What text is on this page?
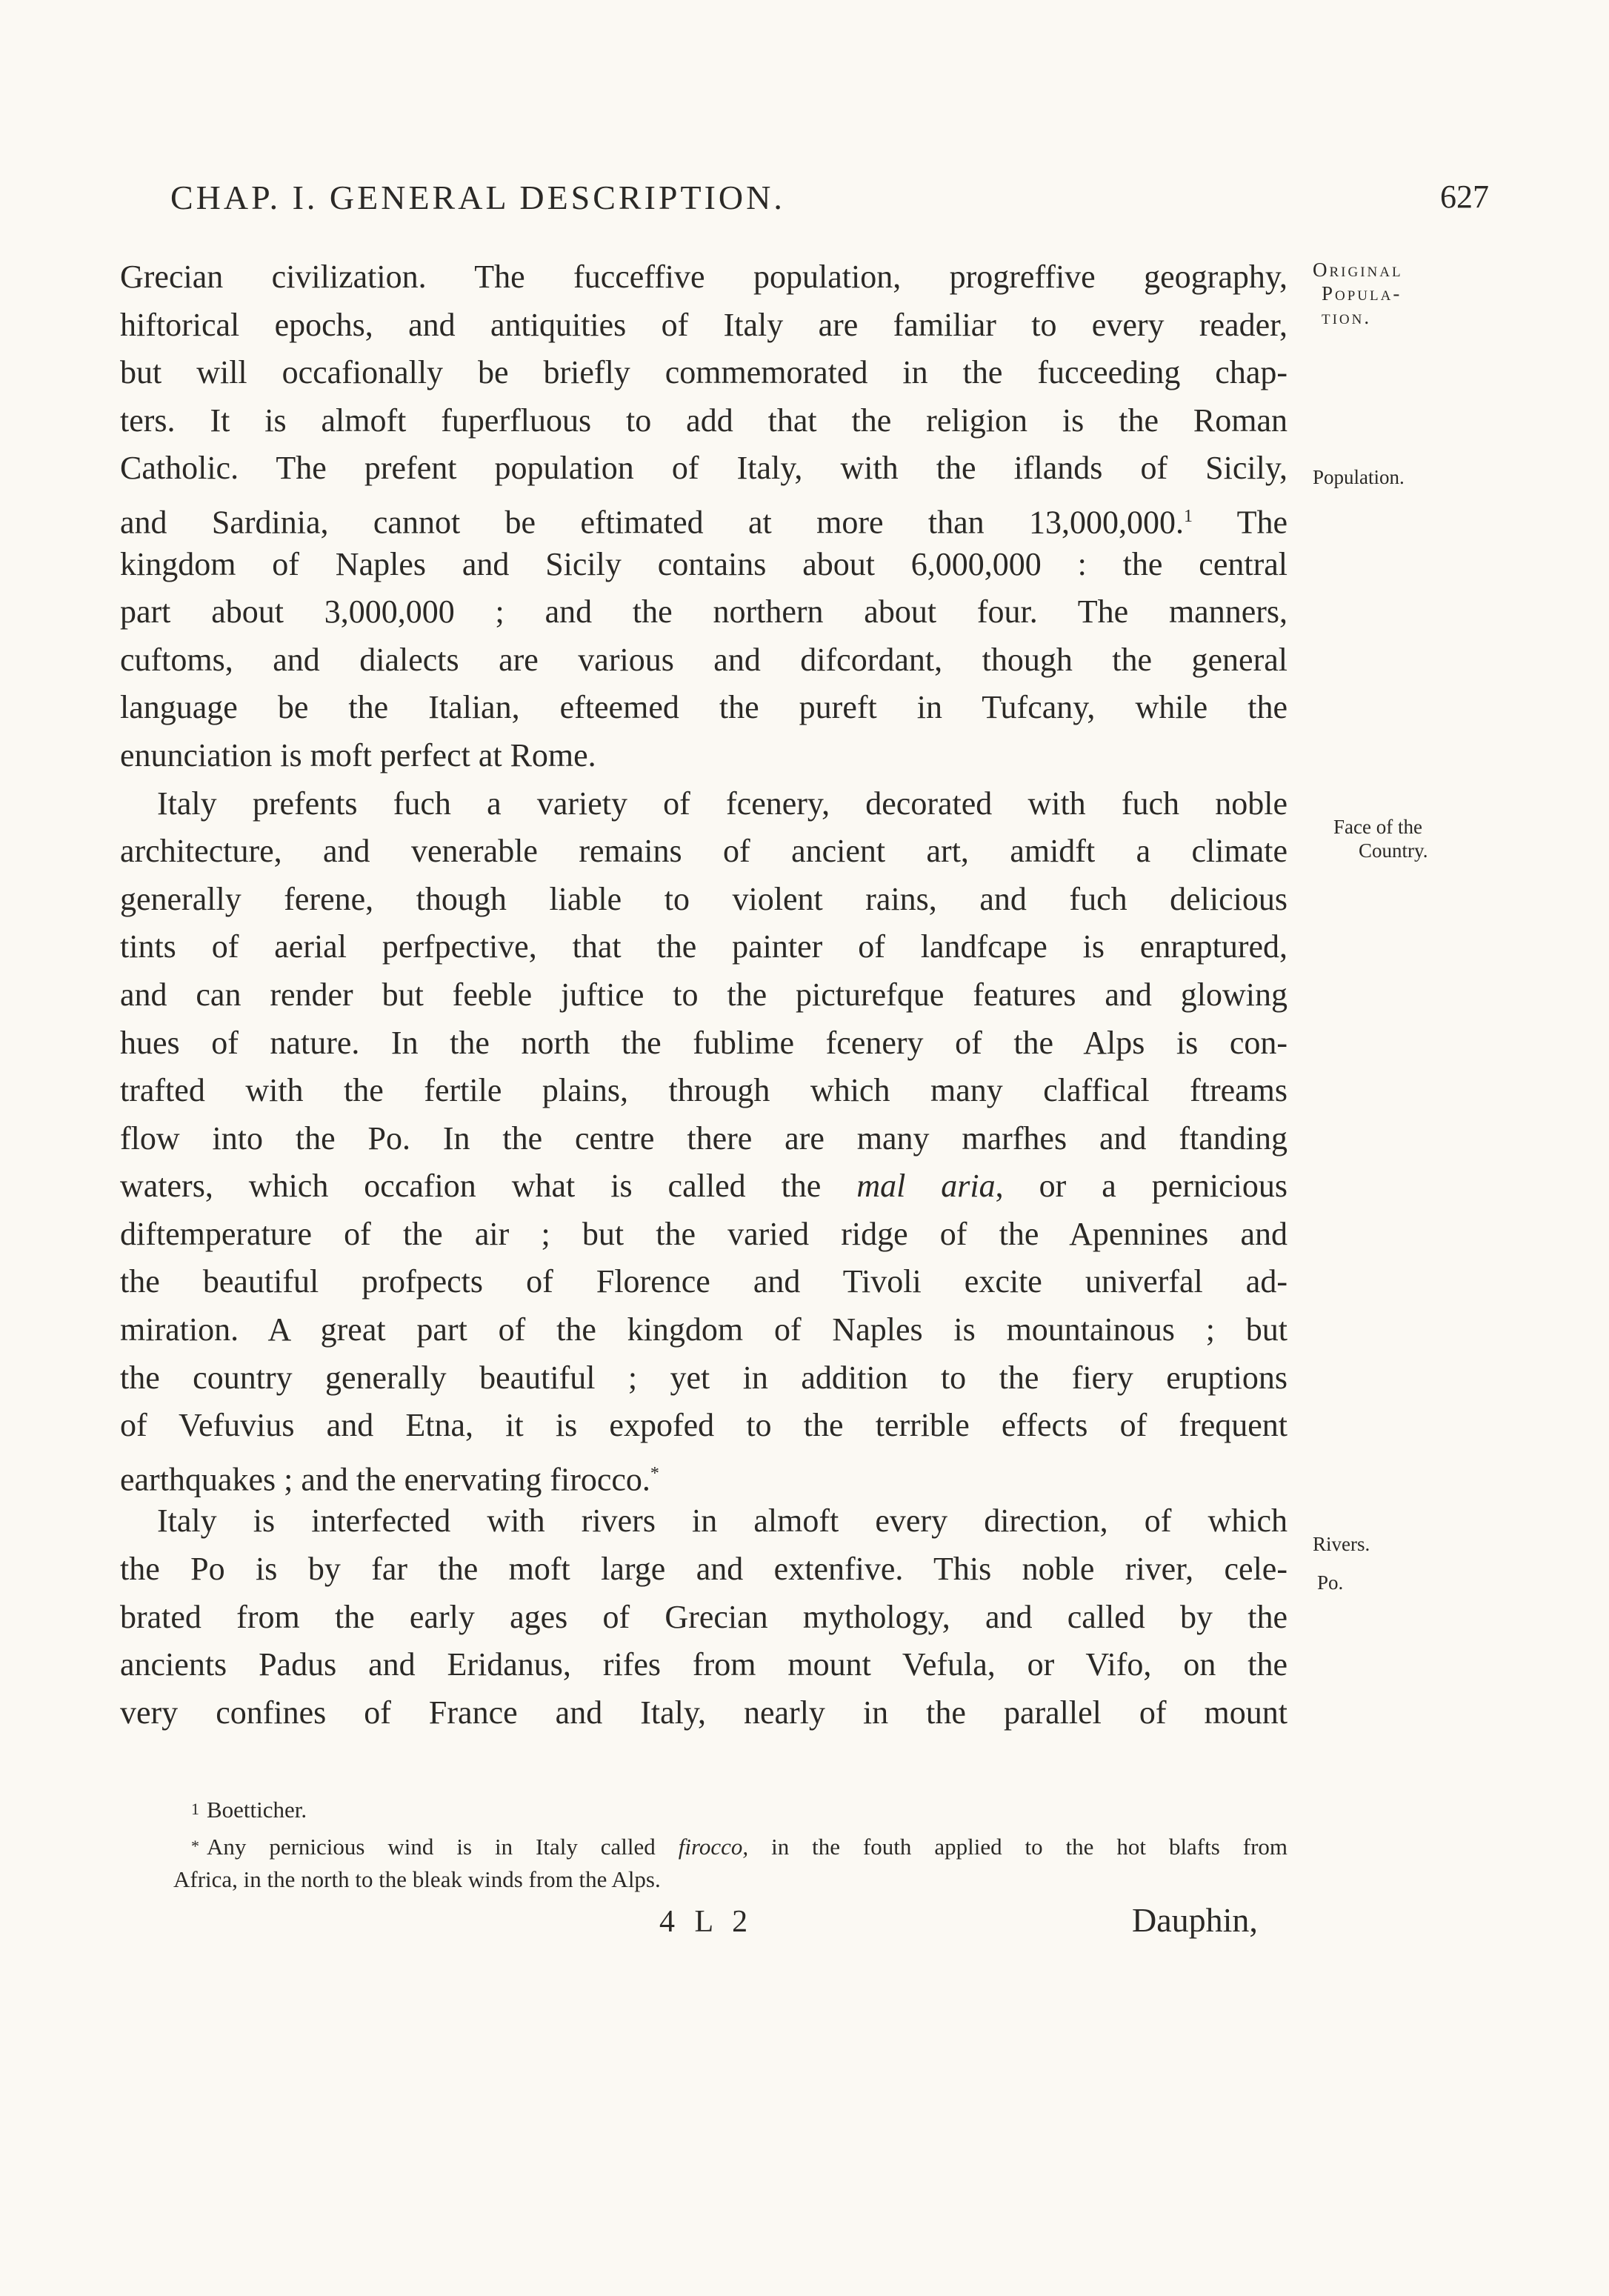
CHAP. I. GENERAL DESCRIPTION.	627
Grecian civilization. The fucceffive population, progreffive geography,
hiftorical epochs, and antiquities of Italy are familiar to every reader,
but will occafionally be briefly commemorated in the fucceeding chap-
ters. It is almoft fuperfluous to add that the religion is the Roman
Catholic. The prefent population of Italy, with the iflands of Sicily,
and Sardinia, cannot be eftimated at more than 13,000,000.$^1$ The
kingdom of Naples and Sicily contains about 6,000,000 : the central
part about 3,000,000 ; and the northern about four. The manners,
cuftoms, and dialects are various and difcordant, though the general
language be the Italian, efteemed the pureft in Tufcany, while the
enunciation is moft perfect at Rome.
Italy prefents fuch a variety of fcenery, decorated with fuch noble
architecture, and venerable remains of ancient art, amidft a climate
generally ferene, though liable to violent rains, and fuch delicious
tints of aerial perfpective, that the painter of landfcape is enraptured,
and can render but feeble juftice to the picturefque features and glowing
hues of nature. In the north the fublime fcenery of the Alps is con-
trafted with the fertile plains, through which many claffical ftreams
flow into the Po. In the centre there are many marfhes and ftanding
waters, which occafion what is called the mal aria, or a pernicious
diftemperature of the air ; but the varied ridge of the Apennines and
the beautiful profpects of Florence and Tivoli excite univerfal ad-
miration. A great part of the kingdom of Naples is mountainous ; but
the country generally beautiful ; yet in addition to the fiery eruptions
of Vefuvius and Etna, it is expofed to the terrible effects of frequent
earthquakes ; and the enervating firocco.*
Italy is interfected with rivers in almoft every direction, of which
the Po is by far the moft large and extenfive. This noble river, cele-
brated from the early ages of Grecian mythology, and called by the
ancients Padus and Eridanus, rifes from mount Vefula, or Vifo, on the
very confines of France and Italy, nearly in the parallel of mount
Original
Popula-
tion.
Population.
Face of the
Country.
Rivers.
Po.
1 Boetticher.
* Any pernicious wind is in Italy called firocco, in the fouth applied to the hot blafts from
Africa, in the north to the bleak winds from the Alps.
4 L 2	Dauphin,
